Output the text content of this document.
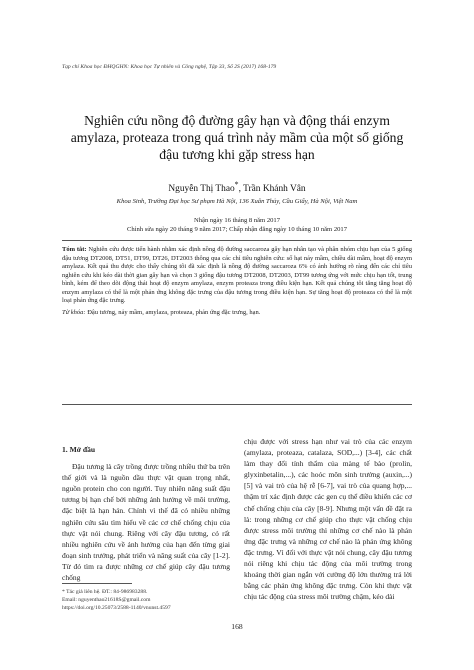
Tạp chí Khoa học ĐHQGHN: Khoa học Tự nhiên và Công nghệ, Tập 33, Số 2S (2017) 168-179
Nghiên cứu nồng độ đường gây hạn và động thái enzym
amylaza, proteaza trong quá trình nảy mầm của một số giống
đậu tương khi gặp stress hạn
Nguyễn Thị Thao*, Trần Khánh Vân
Khoa Sinh, Trường Đại học Sư phạm Hà Nội, 136 Xuân Thủy, Cầu Giấy, Hà Nội, Việt Nam
Nhận ngày 16 tháng 8 năm 2017
Chỉnh sửa ngày 20 tháng 9 năm 2017; Chấp nhận đăng ngày 10 tháng 10 năm 2017

Tóm tắt: Nghiên cứu được tiến hành nhằm xác định nồng độ đường saccaroza gây hạn nhân tạo và phân nhóm chịu hạn của 5 giống đậu tương DT2008, DT51, DT99, DT26, DT2003 thông qua các chỉ tiêu nghiên cứu: số hạt nảy mầm, chiều dài mầm, hoạt độ enzym amylaza. Kết quả thu được cho thấy chúng tôi đã xác định là nồng độ đường saccaroza 6% có ảnh hưởng rõ ràng đến các chỉ tiêu nghiên cứu khi kéo dài thời gian gây hạn và chọn 3 giống đậu tương DT2008, DT2003, DT99 tương ứng với mức chịu hạn tốt, trung bình, kém để theo dõi động thái hoạt độ enzym amylaza, enzym proteaza trong điều kiện hạn. Kết quả chúng tôi tăng tăng hoạt độ enzym amylaza có thể là một phản ứng không đặc trưng của đậu tương trong điều kiện hạn. Sự tăng hoạt độ proteaza có thể là một loại phản ứng đặc trưng.

Từ khóa: Đậu tương, nảy mầm, amylaza, proteaza, phản ứng đặc trưng, hạn.

1. Mở đầu

Đậu tương là cây trồng được trồng nhiều thứ ba trên thế giới và là nguồn dầu thực vật quan trọng nhất, nguồn protein cho con người. Tuy nhiên năng suất đậu tương bị hạn chế bởi những ảnh hưởng về môi trường, đặc biệt là hạn hán. Chính vì thế đã có nhiều những nghiên cứu sâu tìm hiểu về các cơ chế chống chịu của thực vật nói chung. Riêng với cây đậu tương, có rất nhiều nghiên cứu về ảnh hưởng của hạn đến từng giai đoạn sinh trưởng, phát triển và năng suất của cây [1-2]. Từ đó tìm ra được những cơ chế giúp cây đậu tương chống

chịu được với stress hạn như vai trò của các enzym (amylaza, proteaza, catalaza, SOD,...) [3-4], các chất làm thay đổi tính thẩm của màng tế bào (prolin, glyxinbetalin,...), các hoóc môn sinh trưởng (auxin,...) [5] và vai trò của hệ rễ [6-7], vai trò của quang hợp,... thậm trí xác định được các gen cụ thể điều khiển các cơ chế chống chịu của cây [8-9]. Nhưng một vấn đề đặt ra là: trong những cơ chế giúp cho thực vật chống chịu được stress môi trường thì những cơ chế nào là phản ứng đặc trưng và những cơ chế nào là phản ứng không đặc trưng. Vì đối với thực vật nói chung, cây đậu tương nói riêng khi chịu tác động của môi trường trong khoảng thời gian ngắn với cường độ lớn thường trả lời bằng các phản ứng không đặc trưng. Còn khi thực vật chịu tác động của stress môi trường chậm, kéo dài

* Tác giả liên hệ. ĐT.: 84-986983288.

Email: nguyenthao21618S@gmail.com

https://doi.org/10.25073/2588-1140/vnunst.4597

168
